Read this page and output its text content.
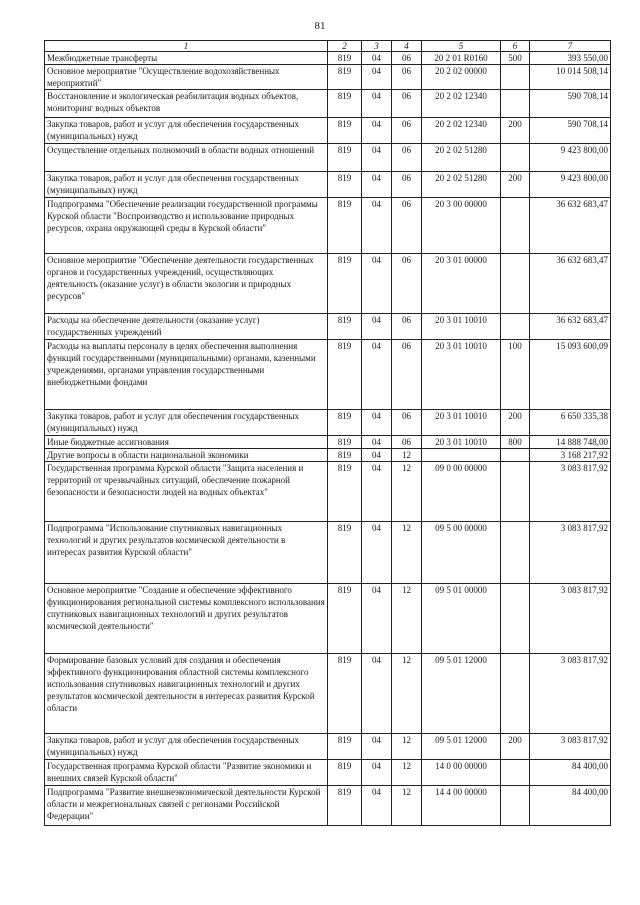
81
1	2	3	4	5	6	7
Межбюджетные трансферты	819	04	06	20 2 01 R0160	500	393 550,00
Основное мероприятие "Осуществление водохозяйственных мероприятий"	819	04	06	20 2 02 00000		10 014 508,14
Восстановление и экологическая реабилитация водных объектов, мониторинг водных объектов	819	04	06	20 2 02 12340		590 708,14
Закупка товаров, работ и услуг для обеспечения государственных (муниципальных) нужд	819	04	06	20 2 02 12340	200	590 708,14
Осуществление отдельных полномочий в области водных отношений	819	04	06	20 2 02 51280		9 423 800,00
Закупка товаров, работ и услуг для обеспечения государственных (муниципальных) нужд	819	04	06	20 2 02 51280	200	9 423 800,00
Подпрограмма "Обеспечение реализации государственной программы Курской области "Воспроизводство и использование природных ресурсов, охрана окружающей среды в Курской области"	819	04	06	20 3 00 00000		36 632 683,47
Основное мероприятие "Обеспечение деятельности государственных органов и государственных учреждений, осуществляющих деятельность (оказание услуг) в области экологии и природных ресурсов"	819	04	06	20 3 01 00000		36 632 683,47
Расходы на обеспечение деятельности (оказание услуг) государственных учреждений	819	04	06	20 3 01 10010		36 632 683,47
Расходы на выплаты персоналу в целях обеспечения выполнения функций государственными (муниципальными) органами, казенными учреждениями, органами управления государственными внебюджетными фондами	819	04	06	20 3 01 10010	100	15 093 600,09
Закупка товаров, работ и услуг для обеспечения государственных (муниципальных) нужд	819	04	06	20 3 01 10010	200	6 650 335,38
Иные бюджетные ассигнования	819	04	06	20 3 01 10010	800	14 888 748,00
Другие вопросы в области национальной экономики	819	04	12			3 168 217,92
Государственная программа Курской области "Защита населения и территорий от чрезвычайных ситуаций, обеспечение пожарной безопасности и безопасности людей на водных объектах"	819	04	12	09 0 00 00000		3 083 817,92
Подпрограмма "Использование спутниковых навигационных технологий и других результатов космической деятельности в интересах развития Курской области"	819	04	12	09 5 00 00000		3 083 817,92
Основное мероприятие "Создание и обеспечение эффективного функционирования региональной системы комплексного использования спутниковых навигационных технологий и других результатов космической деятельности"	819	04	12	09 5 01 00000		3 083 817,92
Формирование базовых условий для создания и обеспечения эффективного функционирования областной системы комплексного использования спутниковых навигационных технологий и других результатов космической деятельности в интересах развития Курской области	819	04	12	09 5 01 12000		3 083 817,92
Закупка товаров, работ и услуг для обеспечения государственных (муниципальных) нужд	819	04	12	09 5 01 12000	200	3 083 817,92
Государственная программа Курской области "Развитие экономики и внешних связей Курской области"	819	04	12	14 0 00 00000		84 400,00
Подпрограмма "Развитие внешнеэкономической деятельности Курской области и межрегиональных связей с регионами Российской Федерации"	819	04	12	14 4 00 00000		84 400,00
